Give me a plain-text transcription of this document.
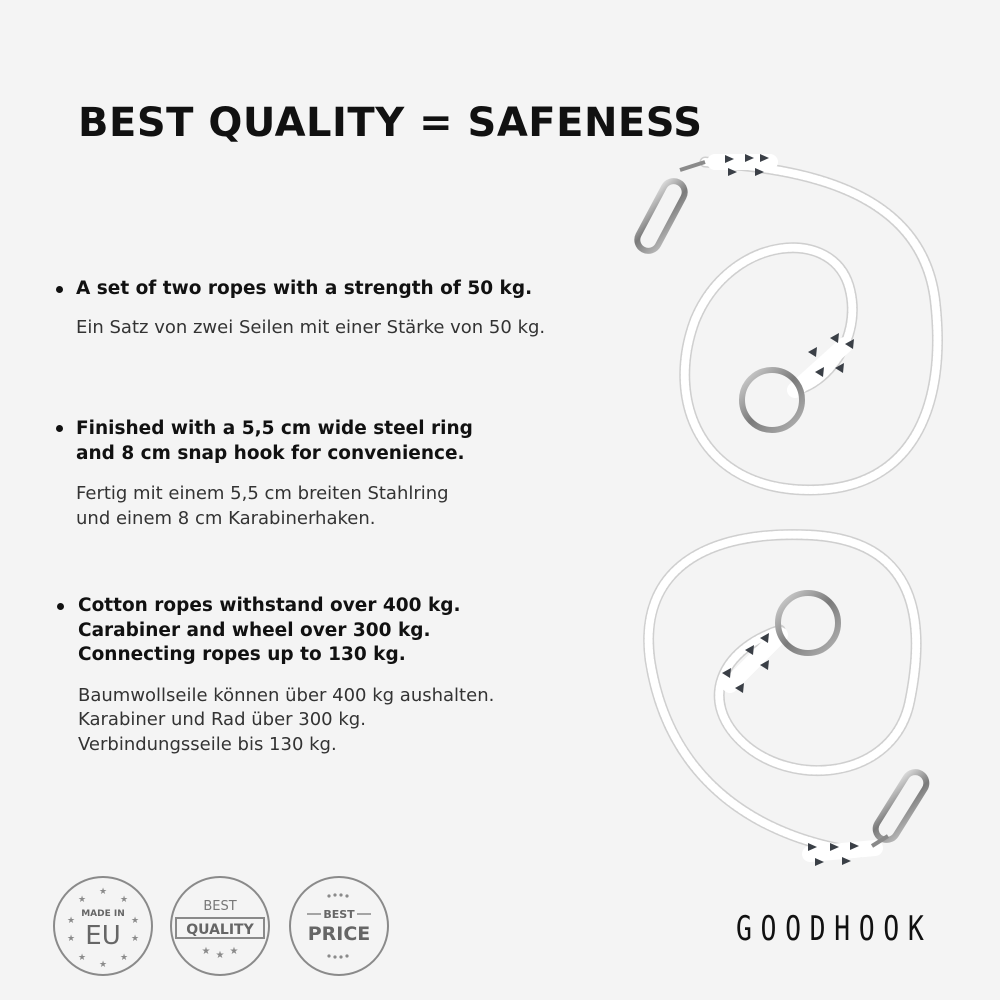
BEST QUALITY = SAFENESS
A set of two ropes with a strength of 50 kg.
Ein Satz von zwei Seilen mit einer Stärke von 50 kg.
Finished with a 5,5 cm wide steel ring
and 8 cm snap hook for convenience.
Fertig mit einem 5,5 cm breiten Stahlring
und einem 8 cm Karabinerhaken.
Cotton ropes withstand over 400 kg.
Carabiner and wheel over 300 kg.
Connecting ropes up to 130 kg.
Baumwollseile können über 400 kg aushalten.
Karabiner und Rad über 300 kg.
Verbindungsseile bis 130 kg.
★
★	★
★	★
★	★
★	★
★
MADE IN
EU
BEST
QUALITY
★ ★ ★
BEST
PRICE	GOODHOOK
